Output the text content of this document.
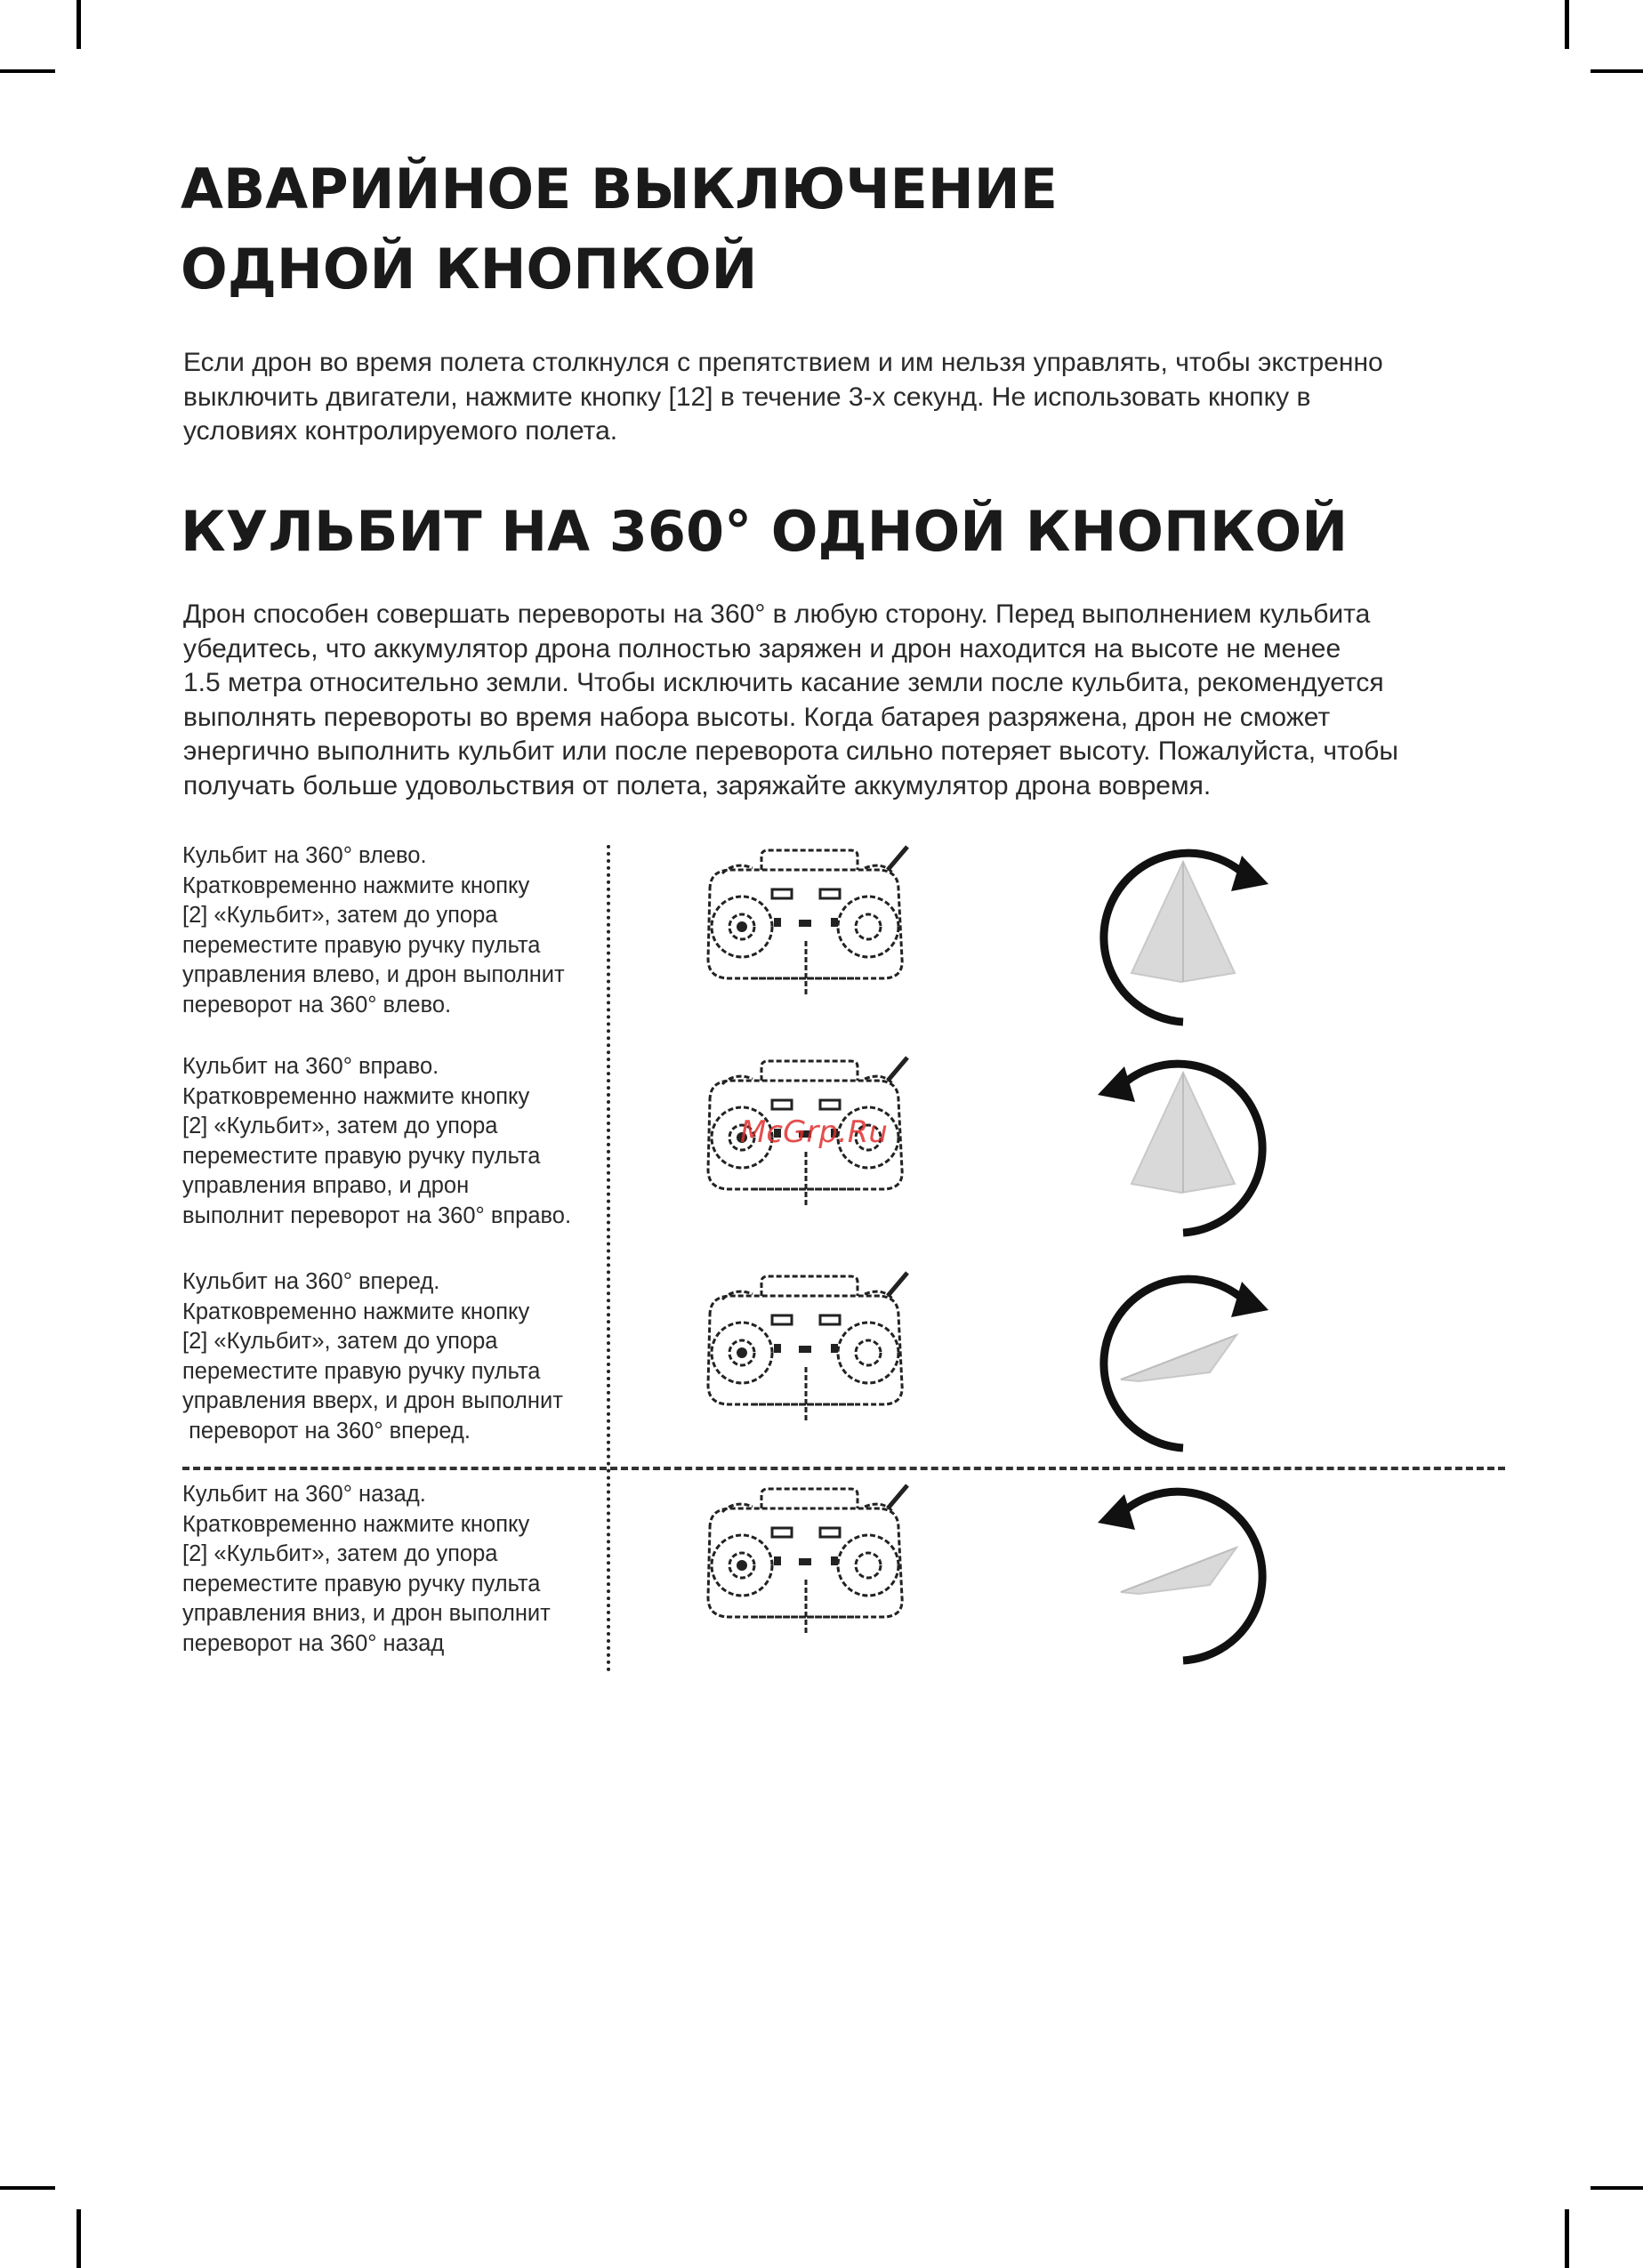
АВАРИЙНОЕ ВЫКЛЮЧЕНИЕ
ОДНОЙ КНОПКОЙ
Если дрон во время полета столкнулся с препятствием и им нельзя управлять, чтобы экстренно
выключить двигатели, нажмите кнопку [12] в течение 3-х секунд. Не использовать кнопку в
условиях контролируемого полета.
КУЛЬБИТ НА 360° ОДНОЙ КНОПКОЙ
Дрон способен совершать перевороты на 360° в любую сторону. Перед выполнением кульбита
убедитесь, что аккумулятор дрона полностью заряжен и дрон находится на высоте не менее
1.5 метра относительно земли. Чтобы исключить касание земли после кульбита, рекомендуется
выполнять перевороты во время набора высоты. Когда батарея разряжена, дрон не сможет
энергично выполнить кульбит или после переворота сильно потеряет высоту. Пожалуйста, чтобы
получать больше удовольствия от полета, заряжайте аккумулятор дрона вовремя.
Кульбит на 360° влево.
Кратковременно нажмите кнопку
[2] «Кульбит», затем до упора
переместите правую ручку пульта
управления влево, и дрон выполнит
переворот на 360° влево.
Кульбит на 360° вправо.
Кратковременно нажмите кнопку
[2] «Кульбит», затем до упора
переместите правую ручку пульта
управления вправо, и дрон
выполнит переворот на 360° вправо.
Кульбит на 360° вперед.
Кратковременно нажмите кнопку
[2] «Кульбит», затем до упора
переместите правую ручку пульта
управления вверх, и дрон выполнит
переворот на 360° вперед.
Кульбит на 360° назад.
Кратковременно нажмите кнопку
[2] «Кульбит», затем до упора
переместите правую ручку пульта
управления вниз, и дрон выполнит
переворот на 360° назад
McGrp.Ru
